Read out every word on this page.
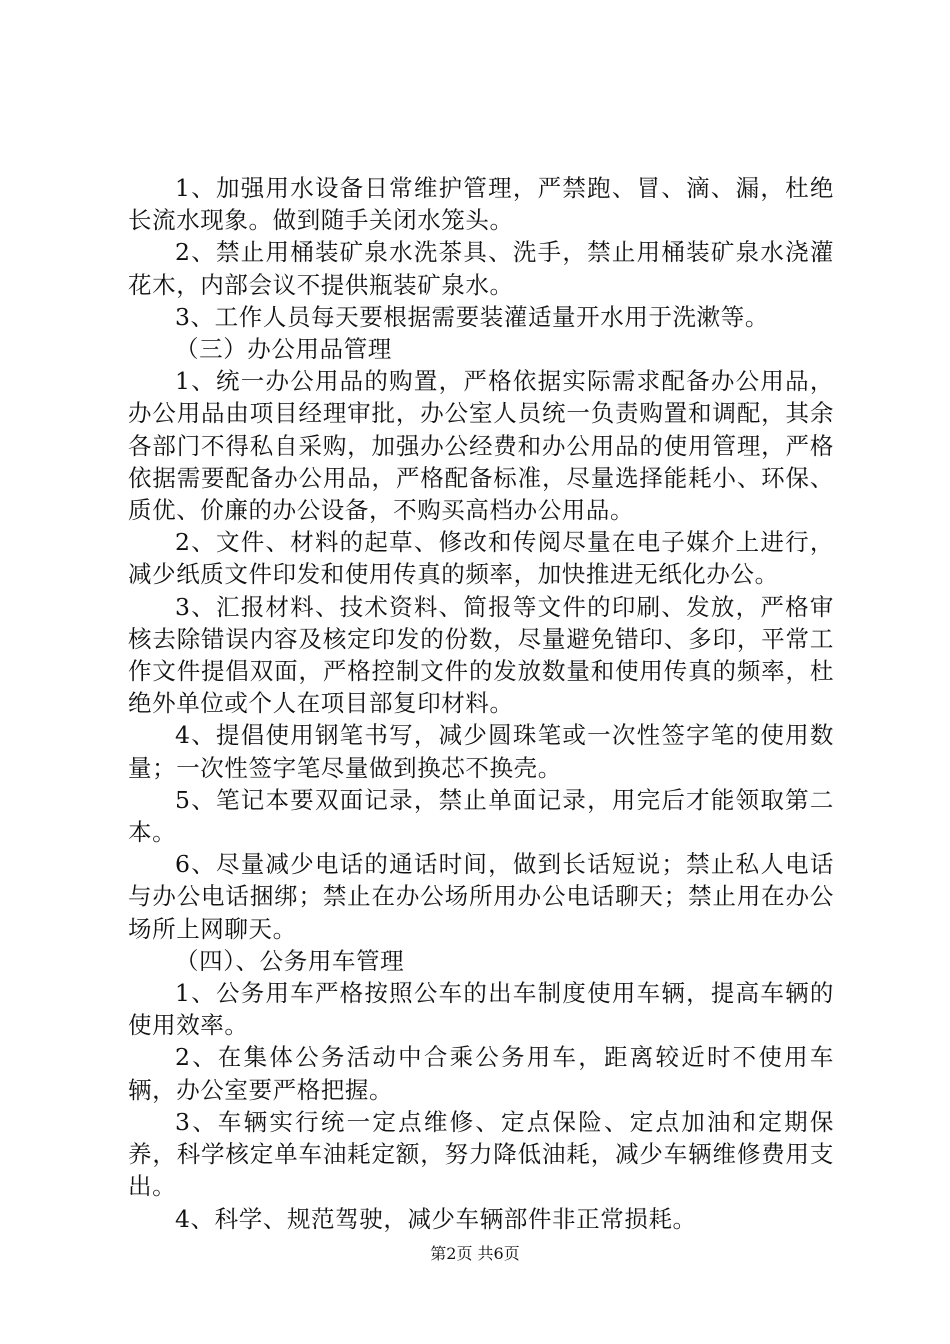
1、加强用水设备日常维护管理，严禁跑、冒、滴、漏，杜绝长流水现象。做到随手关闭水笼头。

2、禁止用桶装矿泉水洗茶具、洗手，禁止用桶装矿泉水浇灌花木，内部会议不提供瓶装矿泉水。

3、工作人员每天要根据需要装灌适量开水用于洗漱等。

（三）办公用品管理

1、统一办公用品的购置，严格依据实际需求配备办公用品，办公用品由项目经理审批，办公室人员统一负责购置和调配，其余各部门不得私自采购，加强办公经费和办公用品的使用管理，严格依据需要配备办公用品，严格配备标准，尽量选择能耗小、环保、质优、价廉的办公设备，不购买高档办公用品。

2、文件、材料的起草、修改和传阅尽量在电子媒介上进行，减少纸质文件印发和使用传真的频率，加快推进无纸化办公。

3、汇报材料、技术资料、简报等文件的印刷、发放，严格审核去除错误内容及核定印发的份数，尽量避免错印、多印，平常工作文件提倡双面，严格控制文件的发放数量和使用传真的频率，杜绝外单位或个人在项目部复印材料。

4、提倡使用钢笔书写，减少圆珠笔或一次性签字笔的使用数量；一次性签字笔尽量做到换芯不换壳。

5、笔记本要双面记录，禁止单面记录，用完后才能领取第二本。

6、尽量减少电话的通话时间，做到长话短说；禁止私人电话与办公电话捆绑；禁止在办公场所用办公电话聊天；禁止用在办公场所上网聊天。

（四）、公务用车管理

1、公务用车严格按照公车的出车制度使用车辆，提高车辆的使用效率。

2、在集体公务活动中合乘公务用车，距离较近时不使用车辆，办公室要严格把握。

3、车辆实行统一定点维修、定点保险、定点加油和定期保养，科学核定单车油耗定额，努力降低油耗，减少车辆维修费用支出。

4、科学、规范驾驶，减少车辆部件非正常损耗。

第2页 共6页
